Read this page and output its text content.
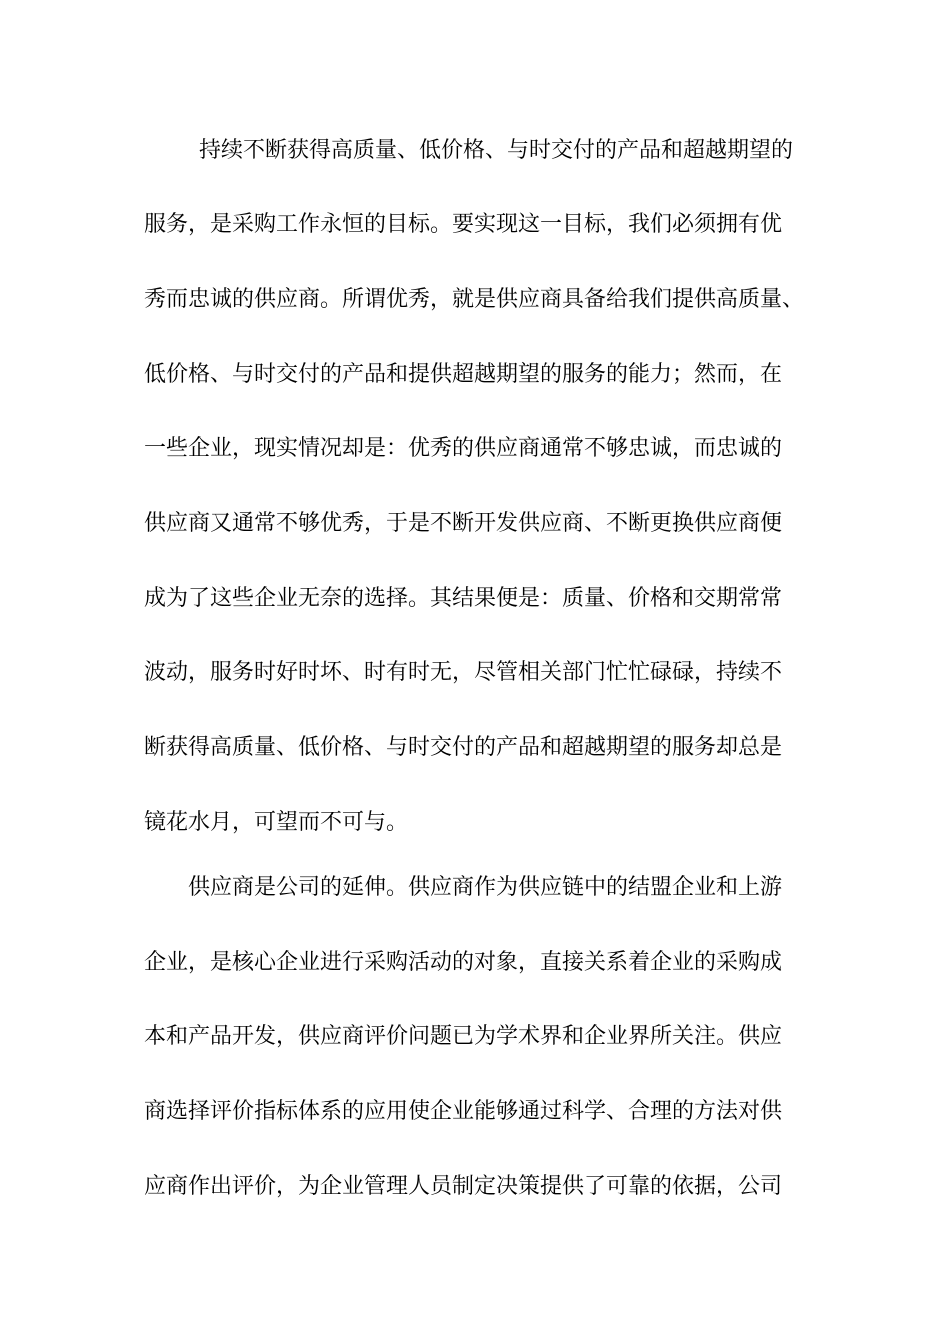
持续不断获得高质量、低价格、与时交付的产品和超越期望的

服务，是采购工作永恒的目标。要实现这一目标，我们必须拥有优

秀而忠诚的供应商。所谓优秀，就是供应商具备给我们提供高质量、

低价格、与时交付的产品和提供超越期望的服务的能力；然而，在

一些企业，现实情况却是：优秀的供应商通常不够忠诚，而忠诚的

供应商又通常不够优秀，于是不断开发供应商、不断更换供应商便

成为了这些企业无奈的选择。其结果便是：质量、价格和交期常常

波动，服务时好时坏、时有时无，尽管相关部门忙忙碌碌，持续不

断获得高质量、低价格、与时交付的产品和超越期望的服务却总是

镜花水月，可望而不可与。

供应商是公司的延伸。供应商作为供应链中的结盟企业和上游

企业，是核心企业进行采购活动的对象，直接关系着企业的采购成

本和产品开发，供应商评价问题已为学术界和企业界所关注。供应

商选择评价指标体系的应用使企业能够通过科学、合理的方法对供

应商作出评价，为企业管理人员制定决策提供了可靠的依据，公司
